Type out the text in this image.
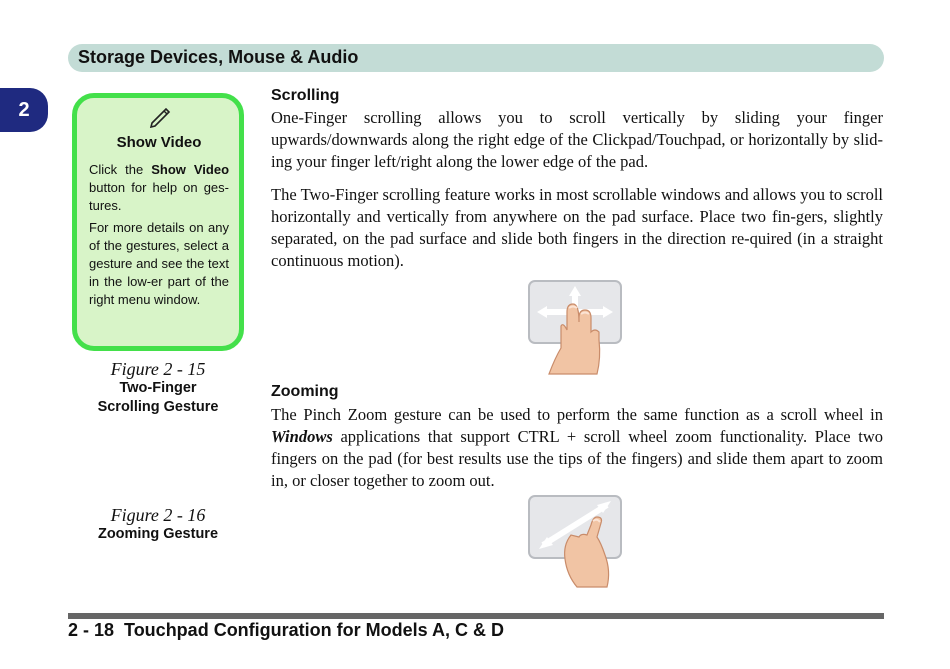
Storage Devices, Mouse & Audio
2
Show Video

Click the Show Video button for help on ges-tures.

For more details on any of the gestures, select a gesture and see the text in the low-er part of the right menu window.

Figure 2 - 15
Two-Finger
Scrolling Gesture
Figure 2 - 16
Zooming Gesture
Scrolling

One-Finger scrolling allows you to scroll vertically by sliding your finger upwards/downwards along the right edge of the Clickpad/Touchpad, or horizontally by slid-ing your finger left/right along the lower edge of the pad.

The Two-Finger scrolling feature works in most scrollable windows and allows you to scroll horizontally and vertically from anywhere on the pad surface. Place two fin-gers, slightly separated, on the pad surface and slide both fingers in the direction re-quired (in a straight continuous motion).

Zooming

The Pinch Zoom gesture can be used to perform the same function as a scroll wheel in Windows applications that support CTRL + scroll wheel zoom functionality. Place two fingers on the pad (for best results use the tips of the fingers) and slide them apart to zoom in, or closer together to zoom out.

2 - 18 Touchpad Configuration for Models A, C & D
